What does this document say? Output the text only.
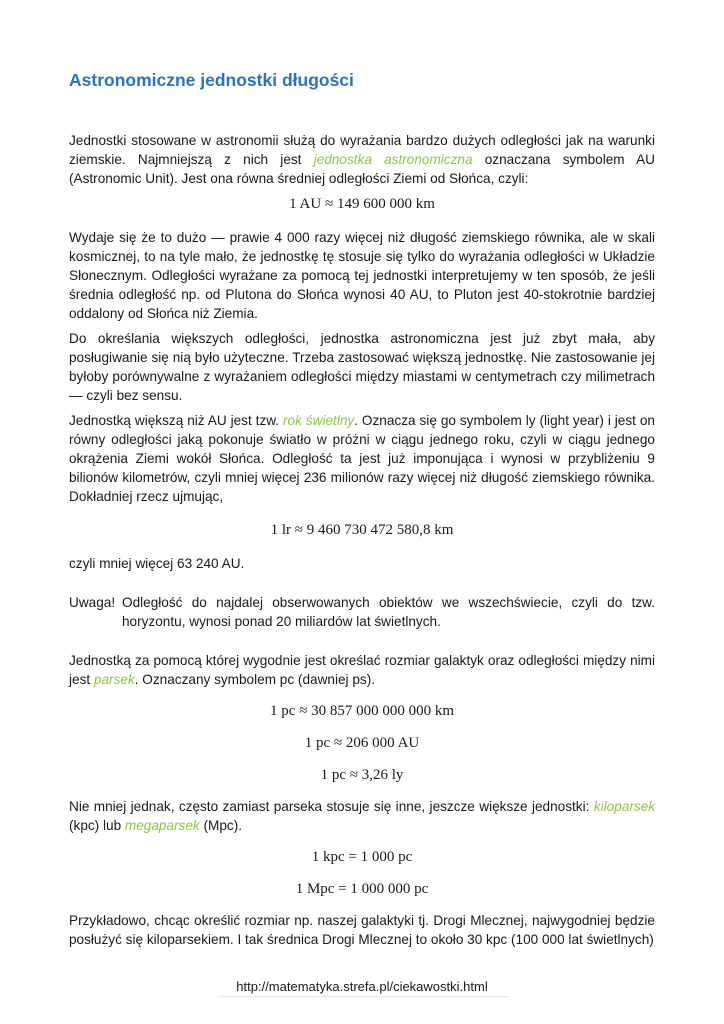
Astronomiczne jednostki długości

Jednostki stosowane w astronomii służą do wyrażania bardzo dużych odległości jak na warunki ziemskie. Najmniejszą z nich jest jednostka astronomiczna oznaczana symbolem AU (Astronomic Unit). Jest ona równa średniej odległości Ziemi od Słońca, czyli:

1 AU ≈ 149 600 000 km

Wydaje się że to dużo — prawie 4 000 razy więcej niż długość ziemskiego równika, ale w skali kosmicznej, to na tyle mało, że jednostkę tę stosuje się tylko do wyrażania odległości w Układzie Słonecznym. Odległości wyrażane za pomocą tej jednostki interpretujemy w ten sposób, że jeśli średnia odległość np. od Plutona do Słońca wynosi 40 AU, to Pluton jest 40-stokrotnie bardziej oddalony od Słońca niż Ziemia.

Do określania większych odległości, jednostka astronomiczna jest już zbyt mała, aby posługiwanie się nią było użyteczne. Trzeba zastosować większą jednostkę. Nie zastosowanie jej byłoby porównywalne z wyrażaniem odległości między miastami w centymetrach czy milimetrach — czyli bez sensu.

Jednostką większą niż AU jest tzw. rok świetlny. Oznacza się go symbolem ly (light year) i jest on równy odległości jaką pokonuje światło w próżni w ciągu jednego roku, czyli w ciągu jednego okrążenia Ziemi wokół Słońca. Odległość ta jest już imponująca i wynosi w przybliżeniu 9 bilionów kilometrów, czyli mniej więcej 236 milionów razy więcej niż długość ziemskiego równika. Dokładniej rzecz ujmując,

1 lr ≈ 9 460 730 472 580,8 km

czyli mniej więcej 63 240 AU.

Uwaga! Odległość do najdalej obserwowanych obiektów we wszechświecie, czyli do tzw. horyzontu, wynosi ponad 20 miliardów lat świetlnych.

Jednostką za pomocą której wygodnie jest określać rozmiar galaktyk oraz odległości między nimi jest parsek. Oznaczany symbolem pc (dawniej ps).

1 pc ≈ 30 857 000 000 000 km
1 pc ≈ 206 000 AU
1 pc ≈ 3,26 ly

Nie mniej jednak, często zamiast parseka stosuje się inne, jeszcze większe jednostki: kiloparsek (kpc) lub megaparsek (Mpc).

1 kpc = 1 000 pc
1 Mpc = 1 000 000 pc

Przykładowo, chcąc określić rozmiar np. naszej galaktyki tj. Drogi Mlecznej, najwygodniej będzie posłużyć się kiloparsekiem. I tak średnica Drogi Mlecznej to około 30 kpc (100 000 lat świetlnych)

http://matematyka.strefa.pl/ciekawostki.html
